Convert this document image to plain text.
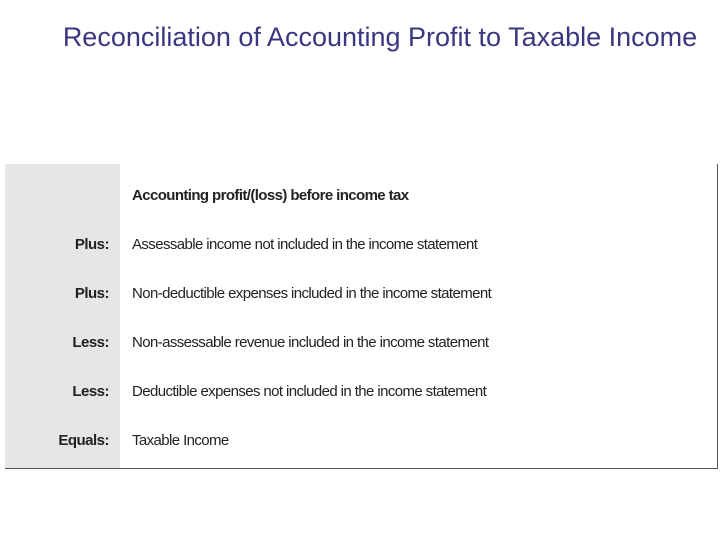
Reconciliation of Accounting Profit to Taxable Income
Accounting profit/(loss) before income tax
Plus: Assessable income not included in the income statement
Plus: Non-deductible expenses included in the income statement
Less: Non-assessable revenue included in the income statement
Less: Deductible expenses not included in the income statement
Equals: Taxable Income
